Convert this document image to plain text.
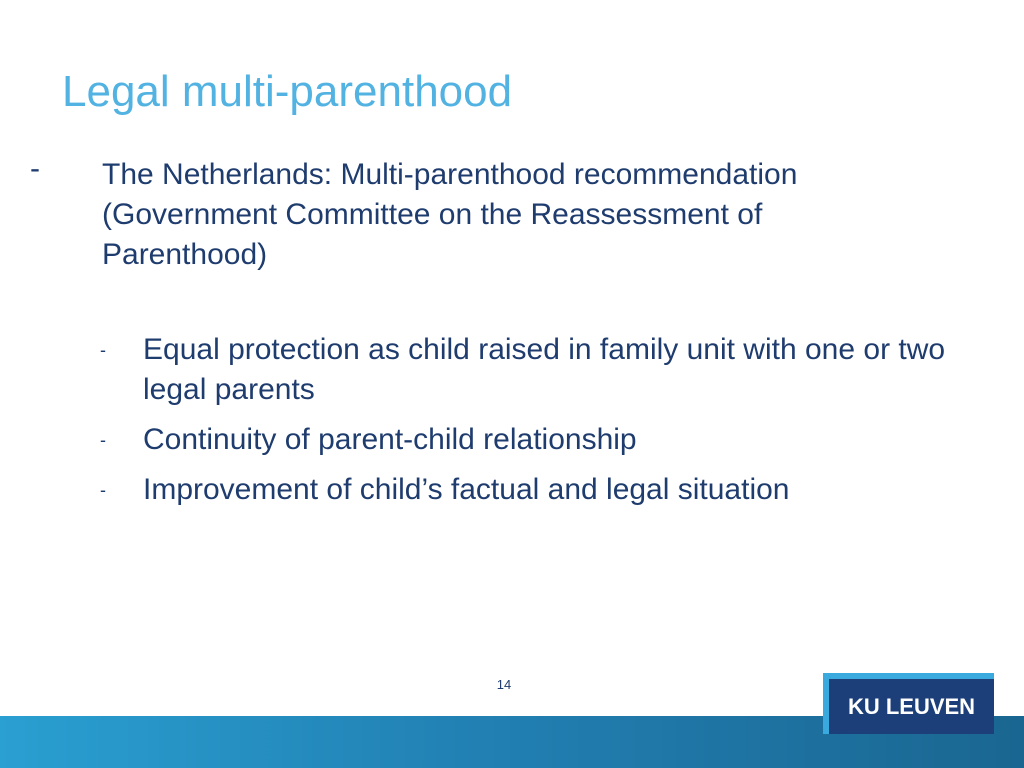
Legal multi-parenthood
- The Netherlands: Multi-parenthood recommendation (Government Committee on the Reassessment of Parenthood)
- Equal protection as child raised in family unit with one or two legal parents
- Continuity of parent-child relationship
- Improvement of child’s factual and legal situation
14
KU LEUVEN
